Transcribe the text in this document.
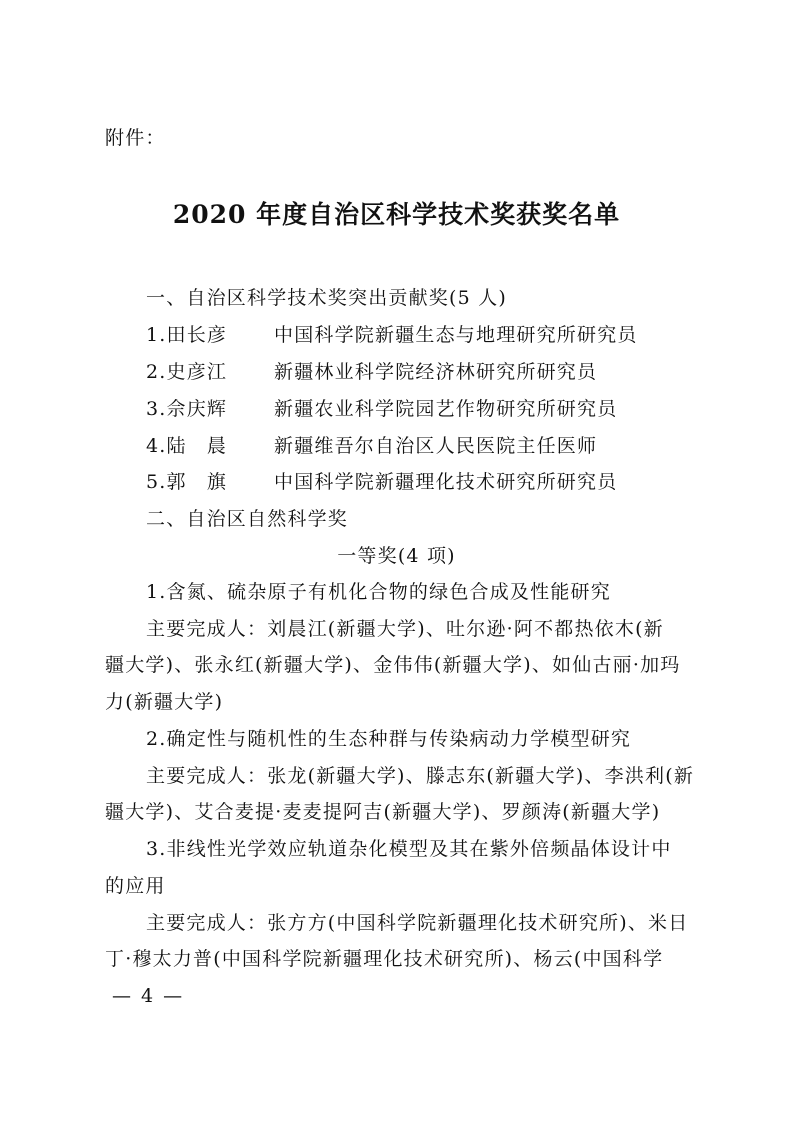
附件：
2020 年度自治区科学技术奖获奖名单
一、自治区科学技术奖突出贡献奖(5 人)
1.田长彦 中国科学院新疆生态与地理研究所研究员
2.史彦江 新疆林业科学院经济林研究所研究员
3.佘庆辉 新疆农业科学院园艺作物研究所研究员
4.陆　晨 新疆维吾尔自治区人民医院主任医师
5.郭　旗 中国科学院新疆理化技术研究所研究员
二、自治区自然科学奖
一等奖(4 项)
1.含氮、硫杂原子有机化合物的绿色合成及性能研究
主要完成人：刘晨江(新疆大学)、吐尔逊·阿不都热依木(新
疆大学)、张永红(新疆大学)、金伟伟(新疆大学)、如仙古丽·加玛
力(新疆大学)
2.确定性与随机性的生态种群与传染病动力学模型研究
主要完成人：张龙(新疆大学)、滕志东(新疆大学)、李洪利(新
疆大学)、艾合麦提·麦麦提阿吉(新疆大学)、罗颜涛(新疆大学)
3.非线性光学效应轨道杂化模型及其在紫外倍频晶体设计中
的应用
主要完成人：张方方(中国科学院新疆理化技术研究所)、米日
丁·穆太力普(中国科学院新疆理化技术研究所)、杨云(中国科学
— 4 —
